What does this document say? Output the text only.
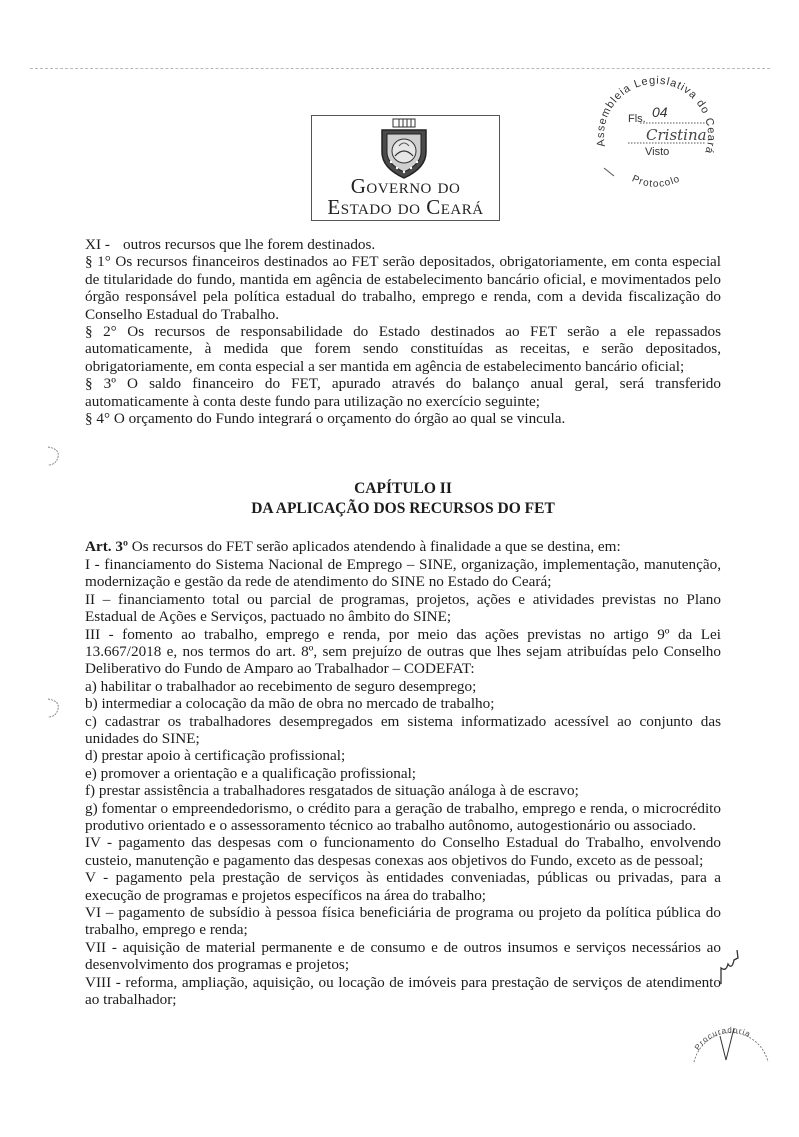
Governo do
Estado do Ceará
Assembleia Legislativa do Ceará
Protocolo
Fls. 04
Cristina
Visto

XI - outros recursos que lhe forem destinados.

§ 1° Os recursos financeiros destinados ao FET serão depositados, obrigatoriamente, em conta especial de titularidade do fundo, mantida em agência de estabelecimento bancário oficial, e movimentados pelo órgão responsável pela política estadual do trabalho, emprego e renda, com a devida fiscalização do Conselho Estadual do Trabalho.

§ 2° Os recursos de responsabilidade do Estado destinados ao FET serão a ele repassados automaticamente, à medida que forem sendo constituídas as receitas, e serão depositados, obrigatoriamente, em conta especial a ser mantida em agência de estabelecimento bancário oficial;

§ 3º O saldo financeiro do FET, apurado através do balanço anual geral, será transferido automaticamente à conta deste fundo para utilização no exercício seguinte;

§ 4° O orçamento do Fundo integrará o orçamento do órgão ao qual se vincula.

CAPÍTULO II

DA APLICAÇÃO DOS RECURSOS DO FET

Art. 3º Os recursos do FET serão aplicados atendendo à finalidade a que se destina, em:

I - financiamento do Sistema Nacional de Emprego – SINE, organização, implementação, manutenção, modernização e gestão da rede de atendimento do SINE no Estado do Ceará;

II – financiamento total ou parcial de programas, projetos, ações e atividades previstas no Plano Estadual de Ações e Serviços, pactuado no âmbito do SINE;

III - fomento ao trabalho, emprego e renda, por meio das ações previstas no artigo 9º da Lei 13.667/2018 e, nos termos do art. 8º, sem prejuízo de outras que lhes sejam atribuídas pelo Conselho Deliberativo do Fundo de Amparo ao Trabalhador – CODEFAT:

a) habilitar o trabalhador ao recebimento de seguro desemprego;

b) intermediar a colocação da mão de obra no mercado de trabalho;

c) cadastrar os trabalhadores desempregados em sistema informatizado acessível ao conjunto das unidades do SINE;

d) prestar apoio à certificação profissional;

e) promover a orientação e a qualificação profissional;

f) prestar assistência a trabalhadores resgatados de situação análoga à de escravo;

g) fomentar o empreendedorismo, o crédito para a geração de trabalho, emprego e renda, o microcrédito produtivo orientado e o assessoramento técnico ao trabalho autônomo, autogestionário ou associado.

IV - pagamento das despesas com o funcionamento do Conselho Estadual do Trabalho, envolvendo custeio, manutenção e pagamento das despesas conexas aos objetivos do Fundo, exceto as de pessoal;

V - pagamento pela prestação de serviços às entidades conveniadas, públicas ou privadas, para a execução de programas e projetos específicos na área do trabalho;

VI – pagamento de subsídio à pessoa física beneficiária de programa ou projeto da política pública do trabalho, emprego e renda;

VII - aquisição de material permanente e de consumo e de outros insumos e serviços necessários ao desenvolvimento dos programas e projetos;

VIII - reforma, ampliação, aquisição, ou locação de imóveis para prestação de serviços de atendimento ao trabalhador;

Procuradoria
